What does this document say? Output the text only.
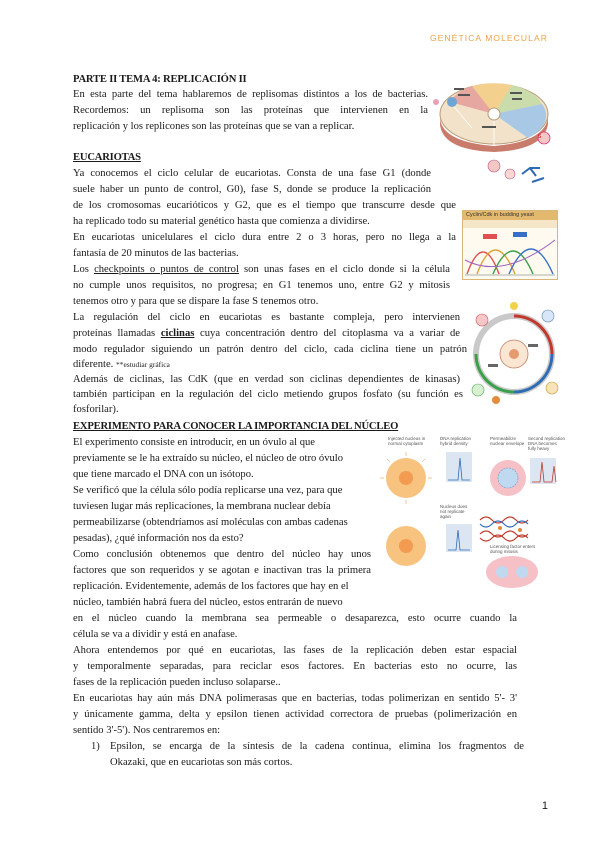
GENÉTICA MOLECULAR
PARTE II TEMA 4: REPLICACIÓN II
En esta parte del tema hablaremos de replisomas distintos a los de bacterias.
Recordemos: un replisoma son las proteínas que intervienen en la
replicación y los replicones son las proteínas que se van a replicar.
S
EUCARIOTAS
Ya conocemos el ciclo celular de eucariotas. Consta de una fase G1 (donde
suele haber un punto de control, G0), fase S, donde se produce la replicación
de los cromosomas eucarióticos y G2, que es el tiempo que transcurre desde que
ha replicado todo su material genético hasta que comienza a dividirse.
En eucariotas unicelulares el ciclo dura entre 2 o 3 horas, pero no llega a la
fantasía de 20 minutos de las bacterias.
Cyclin/Cdk in budding yeast
Los checkpoints o puntos de control son unas fases en el ciclo donde si la célula
no cumple unos requisitos, no progresa; en G1 tenemos uno, entre G2 y mitosis
tenemos otro y para que se dispare la fase S tenemos otro.
La regulación del ciclo en eucariotas es bastante compleja, pero intervienen
proteínas llamadas ciclinas cuya concentración dentro del citoplasma va a variar de
modo regulador siguiendo un patrón dentro del ciclo, cada ciclina tiene un patrón
diferente. **estudiar gráfica
Además de ciclinas, las CdK (que en verdad son ciclinas dependientes de kinasas)
también participan en la regulación del ciclo metiendo grupos fosfato (su función es
fosforilar).
EXPERIMENTO PARA CONOCER LA IMPORTANCIA DEL NÚCLEO
El experimento consiste en introducir, en un óvulo al que
previamente se le ha extraído su núcleo, el núcleo de otro óvulo
que tiene marcado el DNA con un isótopo.
Se verificó que la célula sólo podía replicarse una vez, para que
tuviesen lugar más replicaciones, la membrana nuclear debía
permeabilizarse (obtendríamos así moléculas con ambas cadenas
pesadas), ¿qué información nos da esto?
Como conclusión obtenemos que dentro del núcleo hay unos
factores que son requeridos y se agotan e inactivan tras la primera
replicación. Evidentemente, además de los factores que hay en el
núcleo, también habrá fuera del núcleo, estos entrarán de nuevo
en el núcleo cuando la membrana sea permeable o desaparezca, esto ocurre cuando la
célula se va a dividir y está en anafase.
Ahora entendemos por qué en eucariotas, las fases de la replicación deben estar espacial
y temporalmente separadas, para reciclar esos factores. En bacterias esto no ocurre, las
fases de la replicación pueden incluso solaparse..
Injected nucleus in
normal cytoplasm
Permeabilize
nuclear envelope
Second replication
DNA becomes
fully heavy
DNA replication
hybrid density
Nucleus does
not replicate
again
Licensing factor enters
during mitosis
En eucariotas hay aún más DNA polimerasas que en bacterias, todas polimerizan en sentido 5'- 3'
y únicamente gamma, delta y epsilon tienen actividad correctora de pruebas (polimerización en
sentido 3'-5'). Nos centraremos en:
1) Epsilon, se encarga de la síntesis de la cadena continua, elimina los fragmentos de
Okazaki, que en eucariotas son más cortos.
1
